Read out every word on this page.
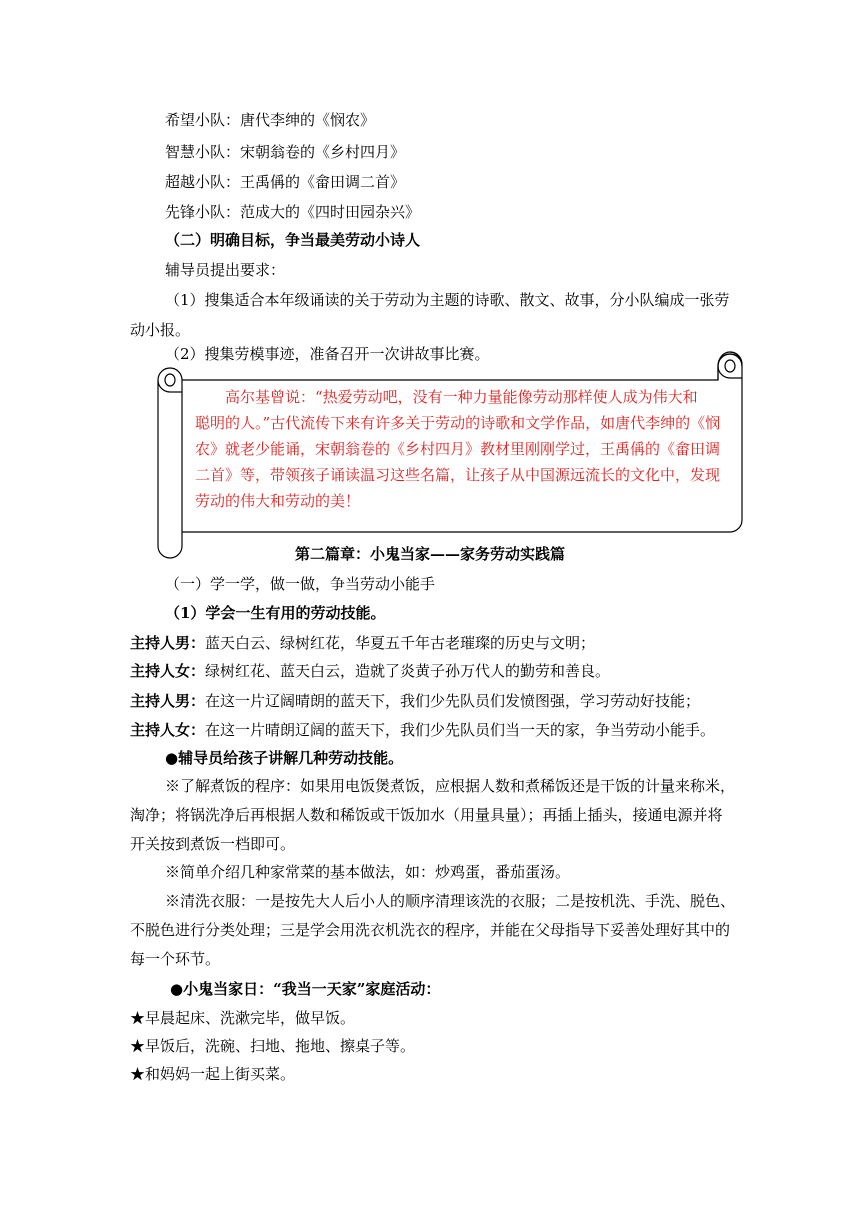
希望小队：唐代李绅的《悯农》
智慧小队：宋朝翁卷的《乡村四月》
超越小队：王禹偁的《畲田调二首》
先锋小队：范成大的《四时田园杂兴》
（二）明确目标，争当最美劳动小诗人
辅导员提出要求：
（1）搜集适合本年级诵读的关于劳动为主题的诗歌、散文、故事，分小队编成一张劳
动小报。
（2）搜集劳模事迹，准备召开一次讲故事比赛。
高尔基曾说：“热爱劳动吧，没有一种力量能像劳动那样使人成为伟大和
聪明的人。”古代流传下来有许多关于劳动的诗歌和文学作品，如唐代李绅的《悯
农》就老少能诵，宋朝翁卷的《乡村四月》教材里刚刚学过，王禹偁的《畲田调
二首》等，带领孩子诵读温习这些名篇，让孩子从中国源远流长的文化中，发现
劳动的伟大和劳动的美！
第二篇章：小鬼当家——家务劳动实践篇
（一）学一学，做一做，争当劳动小能手
（1）学会一生有用的劳动技能。
主持人男：蓝天白云、绿树红花，华夏五千年古老璀璨的历史与文明；
主持人女：绿树红花、蓝天白云，造就了炎黄子孙万代人的勤劳和善良。
主持人男：在这一片辽阔晴朗的蓝天下，我们少先队员们发愤图强，学习劳动好技能；
主持人女：在这一片晴朗辽阔的蓝天下，我们少先队员们当一天的家，争当劳动小能手。
●辅导员给孩子讲解几种劳动技能。
※了解煮饭的程序：如果用电饭煲煮饭，应根据人数和煮稀饭还是干饭的计量来称米，
淘净；将锅洗净后再根据人数和稀饭或干饭加水（用量具量）；再插上插头，接通电源并将
开关按到煮饭一档即可。
※简单介绍几种家常菜的基本做法，如：炒鸡蛋，番茄蛋汤。
※清洗衣服：一是按先大人后小人的顺序清理该洗的衣服；二是按机洗、手洗、脱色、
不脱色进行分类处理；三是学会用洗衣机洗衣的程序，并能在父母指导下妥善处理好其中的
每一个环节。
●小鬼当家日：“我当一天家”家庭活动：
★早晨起床、洗漱完毕，做早饭。
★早饭后，洗碗、扫地、拖地、擦桌子等。
★和妈妈一起上街买菜。
